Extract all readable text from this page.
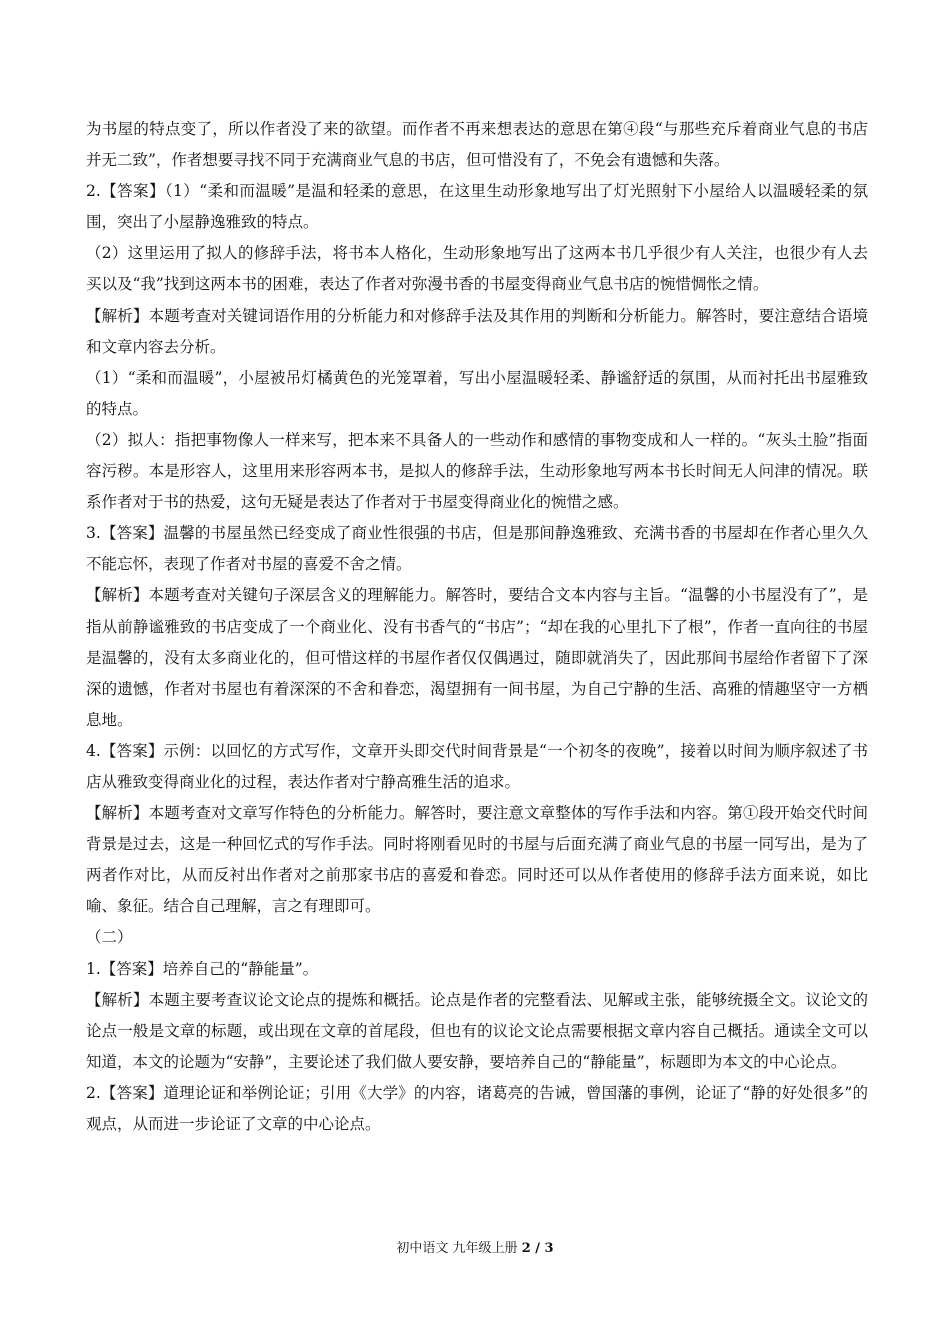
为书屋的特点变了，所以作者没了来的欲望。而作者不再来想表达的意思在第④段“与那些充斥着商业气息的书店并无二致”，作者想要寻找不同于充满商业气息的书店，但可惜没有了，不免会有遗憾和失落。

2.【答案】（1）“柔和而温暖”是温和轻柔的意思，在这里生动形象地写出了灯光照射下小屋给人以温暖轻柔的氛围，突出了小屋静逸雅致的特点。

（2）这里运用了拟人的修辞手法，将书本人格化，生动形象地写出了这两本书几乎很少有人关注，也很少有人去买以及“我”找到这两本书的困难，表达了作者对弥漫书香的书屋变得商业气息书店的惋惜惆怅之情。

【解析】本题考查对关键词语作用的分析能力和对修辞手法及其作用的判断和分析能力。解答时，要注意结合语境和文章内容去分析。

（1）“柔和而温暖”，小屋被吊灯橘黄色的光笼罩着，写出小屋温暖轻柔、静谧舒适的氛围，从而衬托出书屋雅致的特点。

（2）拟人：指把事物像人一样来写，把本来不具备人的一些动作和感情的事物变成和人一样的。“灰头土脸”指面容污秽。本是形容人，这里用来形容两本书，是拟人的修辞手法，生动形象地写两本书长时间无人问津的情况。联系作者对于书的热爱，这句无疑是表达了作者对于书屋变得商业化的惋惜之感。

3.【答案】温馨的书屋虽然已经变成了商业性很强的书店，但是那间静逸雅致、充满书香的书屋却在作者心里久久不能忘怀，表现了作者对书屋的喜爱不舍之情。

【解析】本题考查对关键句子深层含义的理解能力。解答时，要结合文本内容与主旨。“温馨的小书屋没有了”，是指从前静谧雅致的书店变成了一个商业化、没有书香气的“书店”；“却在我的心里扎下了根”，作者一直向往的书屋是温馨的，没有太多商业化的，但可惜这样的书屋作者仅仅偶遇过，随即就消失了，因此那间书屋给作者留下了深深的遗憾，作者对书屋也有着深深的不舍和眷恋，渴望拥有一间书屋，为自己宁静的生活、高雅的情趣坚守一方栖息地。

4.【答案】示例：以回忆的方式写作，文章开头即交代时间背景是“一个初冬的夜晚”，接着以时间为顺序叙述了书店从雅致变得商业化的过程，表达作者对宁静高雅生活的追求。

【解析】本题考查对文章写作特色的分析能力。解答时，要注意文章整体的写作手法和内容。第①段开始交代时间背景是过去，这是一种回忆式的写作手法。同时将刚看见时的书屋与后面充满了商业气息的书屋一同写出，是为了两者作对比，从而反衬出作者对之前那家书店的喜爱和眷恋。同时还可以从作者使用的修辞手法方面来说，如比喻、象征。结合自己理解，言之有理即可。

（二）

1.【答案】培养自己的“静能量”。

【解析】本题主要考查议论文论点的提炼和概括。论点是作者的完整看法、见解或主张，能够统摄全文。议论文的论点一般是文章的标题，或出现在文章的首尾段，但也有的议论文论点需要根据文章内容自己概括。通读全文可以知道，本文的论题为“安静”，主要论述了我们做人要安静，要培养自己的“静能量”，标题即为本文的中心论点。

2.【答案】道理论证和举例论证；引用《大学》的内容，诸葛亮的告诫，曾国藩的事例，论证了“静的好处很多”的观点，从而进一步论证了文章的中心论点。

初中语文 九年级上册 2 / 3
